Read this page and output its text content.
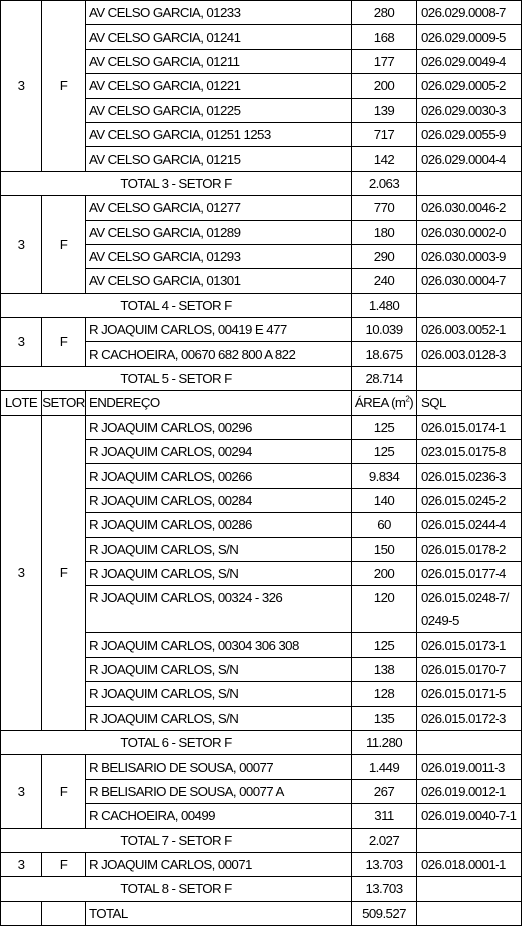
3	F	AV CELSO GARCIA, 01233	280	026.029.0008-7

		AV CELSO GARCIA, 01241	168	026.029.0009-5

		AV CELSO GARCIA, 01211	177	026.029.0049-4

		AV CELSO GARCIA, 01221	200	026.029.0005-2

		AV CELSO GARCIA, 01225	139	026.029.0030-3

		AV CELSO GARCIA, 01251 1253	717	026.029.0055-9

		AV CELSO GARCIA, 01215	142	026.029.0004-4

TOTAL 3 - SETOR F			2.063	
3	F	AV CELSO GARCIA, 01277	770	026.030.0046-2

		AV CELSO GARCIA, 01289	180	026.030.0002-0

		AV CELSO GARCIA, 01293	290	026.030.0003-9

		AV CELSO GARCIA, 01301	240	026.030.0004-7

TOTAL 4 - SETOR F			1.480	
3	F	R JOAQUIM CARLOS, 00419 E 477	10.039	026.003.0052-1

		R CACHOEIRA, 00670 682 800 A 822	18.675	026.003.0128-3

TOTAL 5 - SETOR F			28.714	
LOTE	SETOR	ENDEREÇO	ÁREA $(m^2)$	SQL
3	F	R JOAQUIM CARLOS, 00296	125	026.015.0174-1

		R JOAQUIM CARLOS, 00294	125	023.015.0175-8

		R JOAQUIM CARLOS, 00266	9.834	026.015.0236-3

		R JOAQUIM CARLOS, 00284	140	026.015.0245-2

		R JOAQUIM CARLOS, 00286	60	026.015.0244-4

		R JOAQUIM CARLOS, S/N	150	026.015.0178-2

		R JOAQUIM CARLOS, S/N	200	026.015.0177-4

		R JOAQUIM CARLOS, 00324 - 326	120	026.015.0248-7/
0249-5

		R JOAQUIM CARLOS, 00304 306 308	125	026.015.0173-1

		R JOAQUIM CARLOS, S/N	138	026.015.0170-7

		R JOAQUIM CARLOS, S/N	128	026.015.0171-5

		R JOAQUIM CARLOS, S/N	135	026.015.0172-3

TOTAL 6 - SETOR F			11.280	
3	F	R BELISARIO DE SOUSA, 00077	1.449	026.019.0011-3

		R BELISARIO DE SOUSA, 00077 A	267	026.019.0012-1

		R CACHOEIRA, 00499	311	026.019.0040-7-1

TOTAL 7 - SETOR F			2.027	
3	F	R JOAQUIM CARLOS, 00071	13.703	026.018.0001-1

TOTAL 8 - SETOR F			13.703	
		TOTAL	509.527	
